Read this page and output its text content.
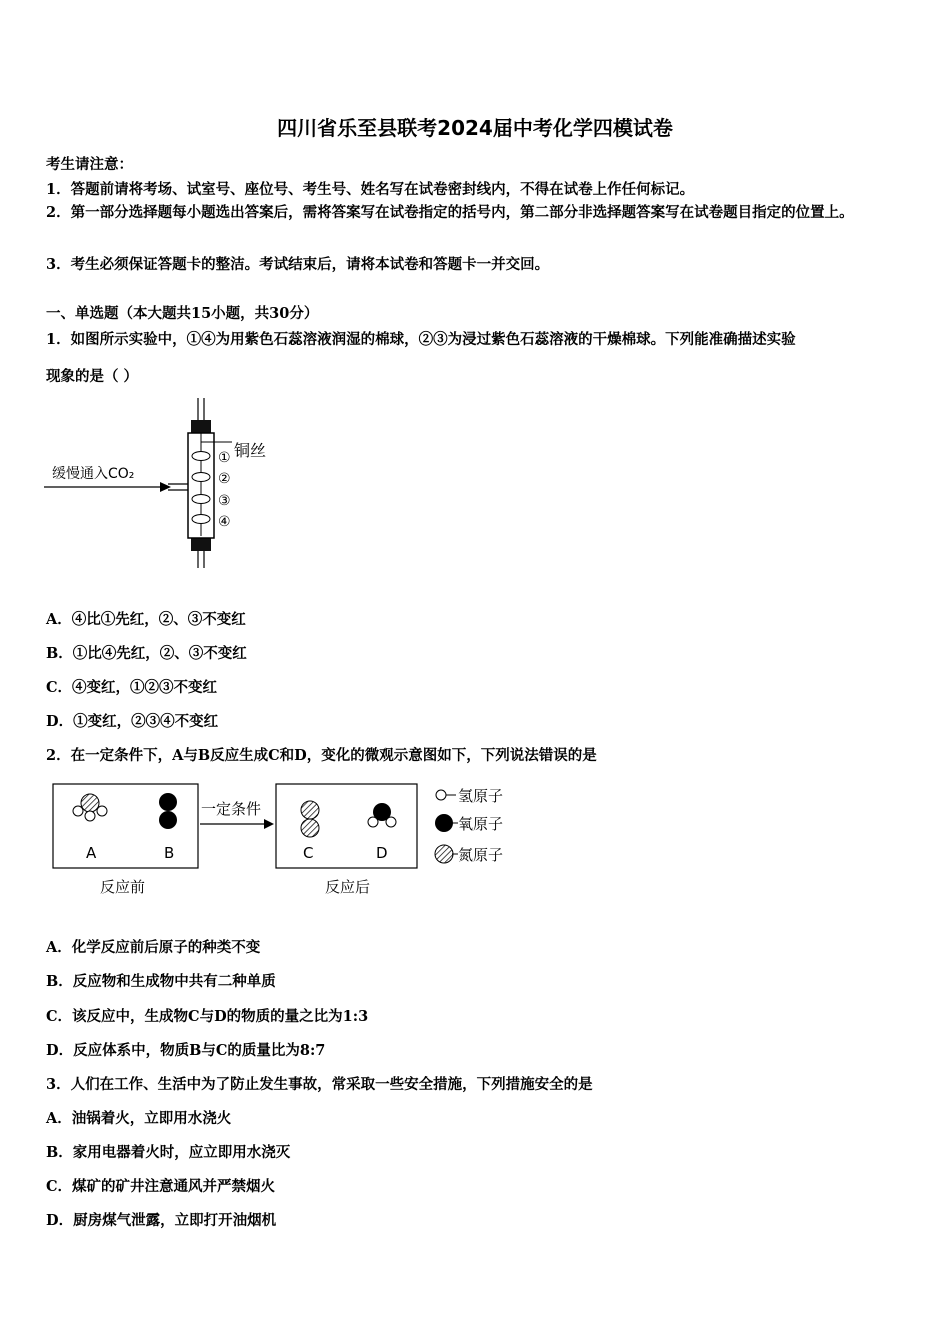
四川省乐至县联考2024届中考化学四模试卷
考生请注意：
1．答题前请将考场、试室号、座位号、考生号、姓名写在试卷密封线内，不得在试卷上作任何标记。
2．第一部分选择题每小题选出答案后，需将答案写在试卷指定的括号内，第二部分非选择题答案写在试卷题目指定的位置上。
3．考生必须保证答题卡的整洁。考试结束后，请将本试卷和答题卡一并交回。
一、单选题（本大题共15小题，共30分）
1．如图所示实验中，①④为用紫色石蕊溶液润湿的棉球，②③为浸过紫色石蕊溶液的干燥棉球。下列能准确描述实验
现象的是（ ）
缓慢通入CO₂
铜丝
①
②
③
④
A．④比①先红，②、③不变红
B．①比④先红，②、③不变红
C．④变红，①②③不变红
D．①变红，②③④不变红
2．在一定条件下，A与B反应生成C和D，变化的微观示意图如下，下列说法错误的是
A	B
反应前
一定条件
C	D
反应后
氢原子
氧原子
氮原子
A．化学反应前后原子的种类不变
B．反应物和生成物中共有二种单质
C．该反应中，生成物C与D的物质的量之比为1:3
D．反应体系中，物质B与C的质量比为8:7
3．人们在工作、生活中为了防止发生事故，常采取一些安全措施，下列措施安全的是
A．油锅着火，立即用水浇火
B．家用电器着火时，应立即用水浇灭
C．煤矿的矿井注意通风并严禁烟火
D．厨房煤气泄露，立即打开油烟机
